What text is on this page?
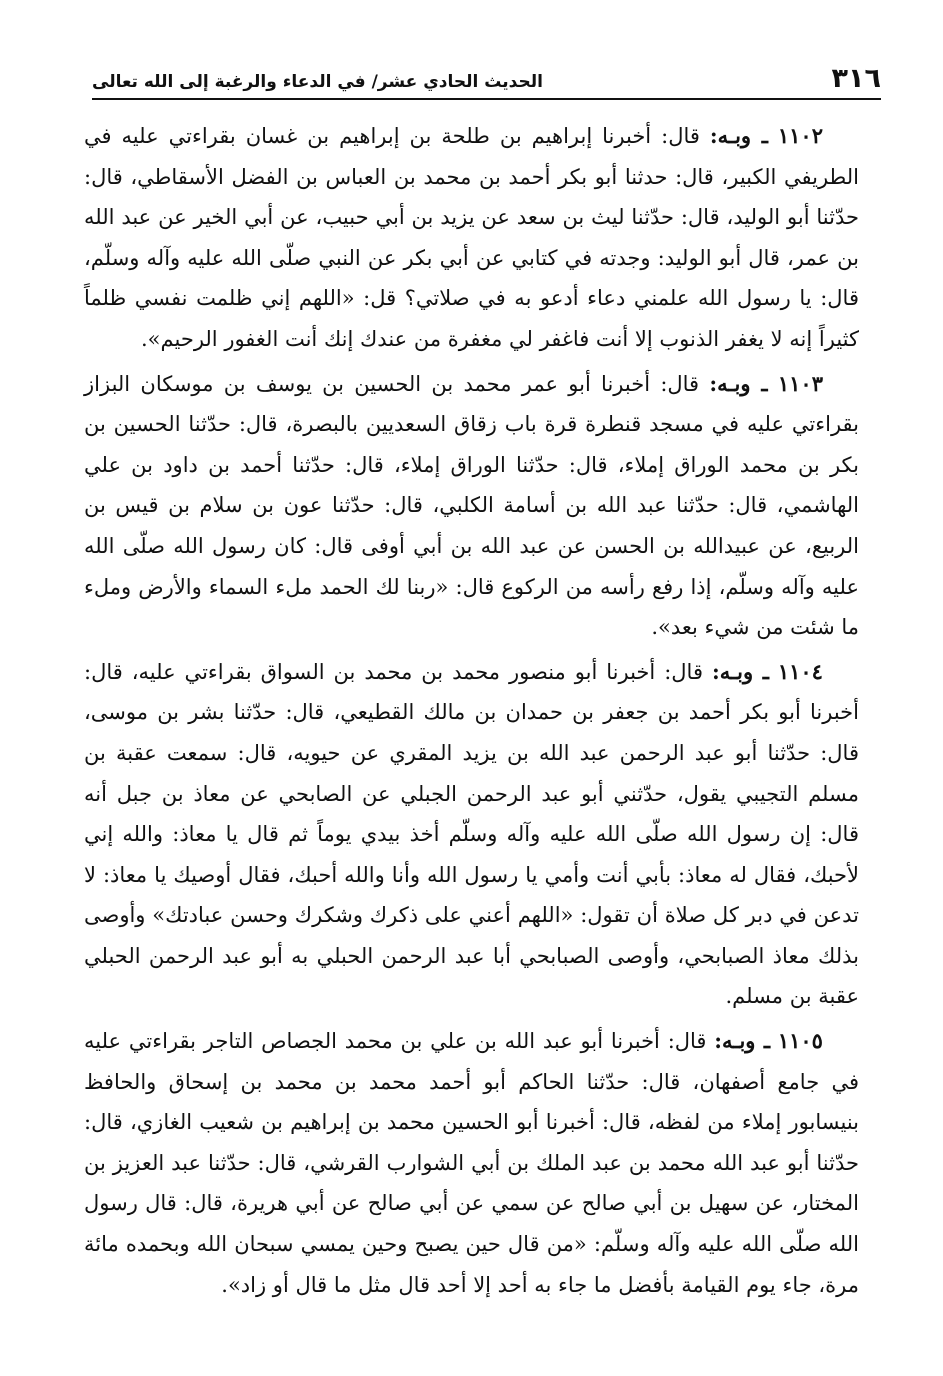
٣١٦
الحديث الحادي عشر/ في الدعاء والرغبة إلى الله تعالى

١١٠٢ ـ وبـه: قال: أخبرنا إبراهيم بن طلحة بن إبراهيم بن غسان بقراءتي عليه في الطريفي الكبير، قال: حدثنا أبو بكر أحمد بن محمد بن العباس بن الفضل الأسقاطي، قال: حدّثنا أبو الوليد، قال: حدّثنا ليث بن سعد عن يزيد بن أبي حبيب، عن أبي الخير عن عبد الله بن عمر، قال أبو الوليد: وجدته في كتابي عن أبي بكر عن النبي صلّى الله عليه وآله وسلّم، قال: يا رسول الله علمني دعاء أدعو به في صلاتي؟ قل: «اللهم إني ظلمت نفسي ظلماً كثيراً إنه لا يغفر الذنوب إلا أنت فاغفر لي مغفرة من عندك إنك أنت الغفور الرحيم».

١١٠٣ ـ وبـه: قال: أخبرنا أبو عمر محمد بن الحسين بن يوسف بن موسكان البزاز بقراءتي عليه في مسجد قنطرة قرة باب زقاق السعديين بالبصرة، قال: حدّثنا الحسين بن بكر بن محمد الوراق إملاء، قال: حدّثنا الوراق إملاء، قال: حدّثنا أحمد بن داود بن علي الهاشمي، قال: حدّثنا عبد الله بن أسامة الكلبي، قال: حدّثنا عون بن سلام بن قيس بن الربيع، عن عبيدالله بن الحسن عن عبد الله بن أبي أوفى قال: كان رسول الله صلّى الله عليه وآله وسلّم، إذا رفع رأسه من الركوع قال: «ربنا لك الحمد ملء السماء والأرض وملء ما شئت من شيء بعد».

١١٠٤ ـ وبـه: قال: أخبرنا أبو منصور محمد بن محمد بن السواق بقراءتي عليه، قال: أخبرنا أبو بكر أحمد بن جعفر بن حمدان بن مالك القطيعي، قال: حدّثنا بشر بن موسى، قال: حدّثنا أبو عبد الرحمن عبد الله بن يزيد المقري عن حيويه، قال: سمعت عقبة بن مسلم التجيبي يقول، حدّثني أبو عبد الرحمن الجبلي عن الصابحي عن معاذ بن جبل أنه قال: إن رسول الله صلّى الله عليه وآله وسلّم أخذ بيدي يوماً ثم قال يا معاذ: والله إني لأحبك، فقال له معاذ: بأبي أنت وأمي يا رسول الله وأنا والله أحبك، فقال أوصيك يا معاذ: لا تدعن في دبر كل صلاة أن تقول: «اللهم أعني على ذكرك وشكرك وحسن عبادتك» وأوصى بذلك معاذ الصبابحي، وأوصى الصبابحي أبا عبد الرحمن الحبلي به أبو عبد الرحمن الحبلي عقبة بن مسلم.

١١٠٥ ـ وبـه: قال: أخبرنا أبو عبد الله بن علي بن محمد الجصاص التاجر بقراءتي عليه في جامع أصفهان، قال: حدّثنا الحاكم أبو أحمد محمد بن محمد بن إسحاق والحافظ بنيسابور إملاء من لفظه، قال: أخبرنا أبو الحسين محمد بن إبراهيم بن شعيب الغازي، قال: حدّثنا أبو عبد الله محمد بن عبد الملك بن أبي الشوارب القرشي، قال: حدّثنا عبد العزيز بن المختار، عن سهيل بن أبي صالح عن سمي عن أبي صالح عن أبي هريرة، قال: قال رسول الله صلّى الله عليه وآله وسلّم: «من قال حين يصبح وحين يمسي سبحان الله وبحمده مائة مرة، جاء يوم القيامة بأفضل ما جاء به أحد إلا أحد قال مثل ما قال أو زاد».
